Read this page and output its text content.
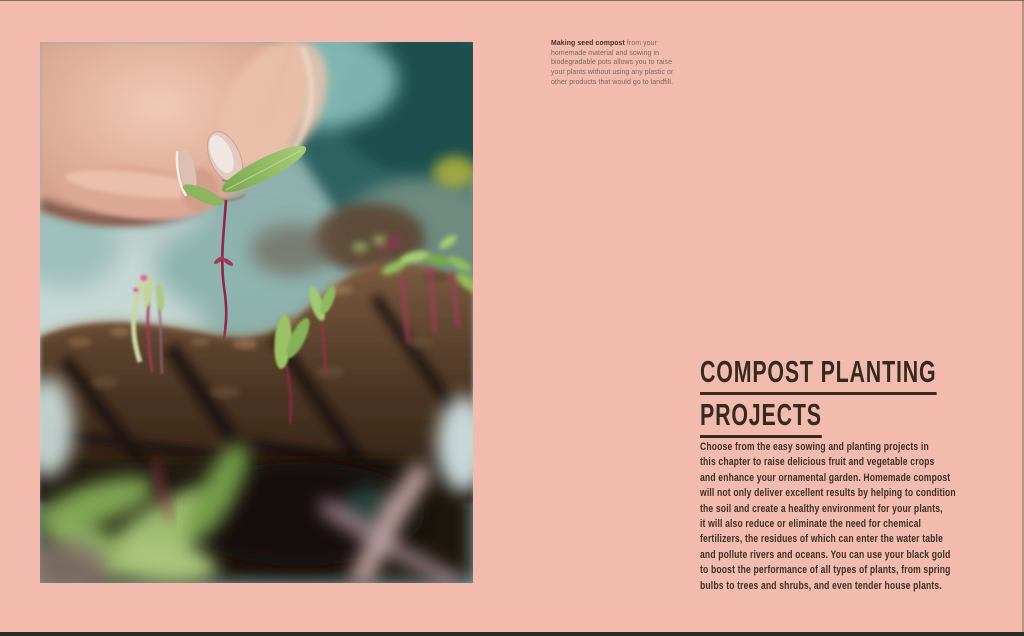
Making seed compost from your
homemade material and sowing in
biodegradable pots allows you to raise
your plants without using any plastic or
other products that would go to landfill.
COMPOST PLANTING
PROJECTS
Choose from the easy sowing and planting projects in
this chapter to raise delicious fruit and vegetable crops
and enhance your ornamental garden. Homemade compost
will not only deliver excellent results by helping to condition
the soil and create a healthy environment for your plants,
it will also reduce or eliminate the need for chemical
fertilizers, the residues of which can enter the water table
and pollute rivers and oceans. You can use your black gold
to boost the performance of all types of plants, from spring
bulbs to trees and shrubs, and even tender house plants.
